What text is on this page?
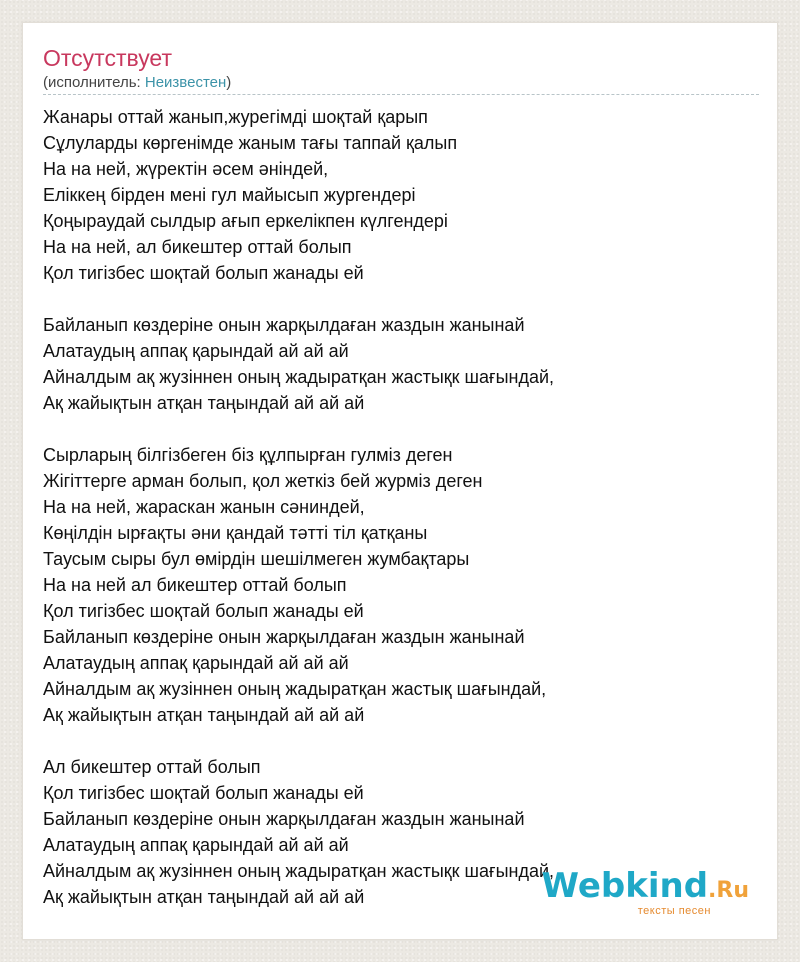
Отсутствует
(исполнитель: Неизвестен)
Жанары оттай жанып,журегімді шоқтай қарып
Сұлуларды көргенімде жаным тағы таппай қалып
На на ней, жүректін әсем әніндей,
Еліккең бірден мені гул майысып жургендері
Қоңыраудай сылдыр ағып еркелікпен күлгендері
На на ней, ал бикештер оттай болып
Қол тигізбес шоқтай болып жанады ей
Байланып көздеріне онын жарқылдаған жаздын жанынай
Алатаудың аппақ қарындай ай ай ай
Айналдым ақ жузіннен оның жадыратқан жастықк шағындай,
Ақ жайықтын атқан таңындай ай ай ай
Сырларың білгізбеген біз құлпырған гулміз деген
Жігіттерге арман болып, қол жеткіз бей журміз деген
На на ней, жараскан жанын сәниндей,
Көңілдін ырғақты әни қандай тәтті тіл қатқаны
Таусым сыры бул өмірдін шешілмеген жумбақтары
На на ней ал бикештер оттай болып
Қол тигізбес шоқтай болып жанады ей
Байланып көздеріне онын жарқылдаған жаздын жанынай
Алатаудың аппақ қарындай ай ай ай
Айналдым ақ жузіннен оның жадыратқан жастық шағындай,
Ақ жайықтын атқан таңындай ай ай ай
Ал бикештер оттай болып
Қол тигізбес шоқтай болып жанады ей
Байланып көздеріне онын жарқылдаған жаздын жанынай
Алатаудың аппақ қарындай ай ай ай
Айналдым ақ жузіннен оның жадыратқан жастықк шағындай,
Ақ жайықтын атқан таңындай ай ай ай	Webkind.Ru
тексты песен
